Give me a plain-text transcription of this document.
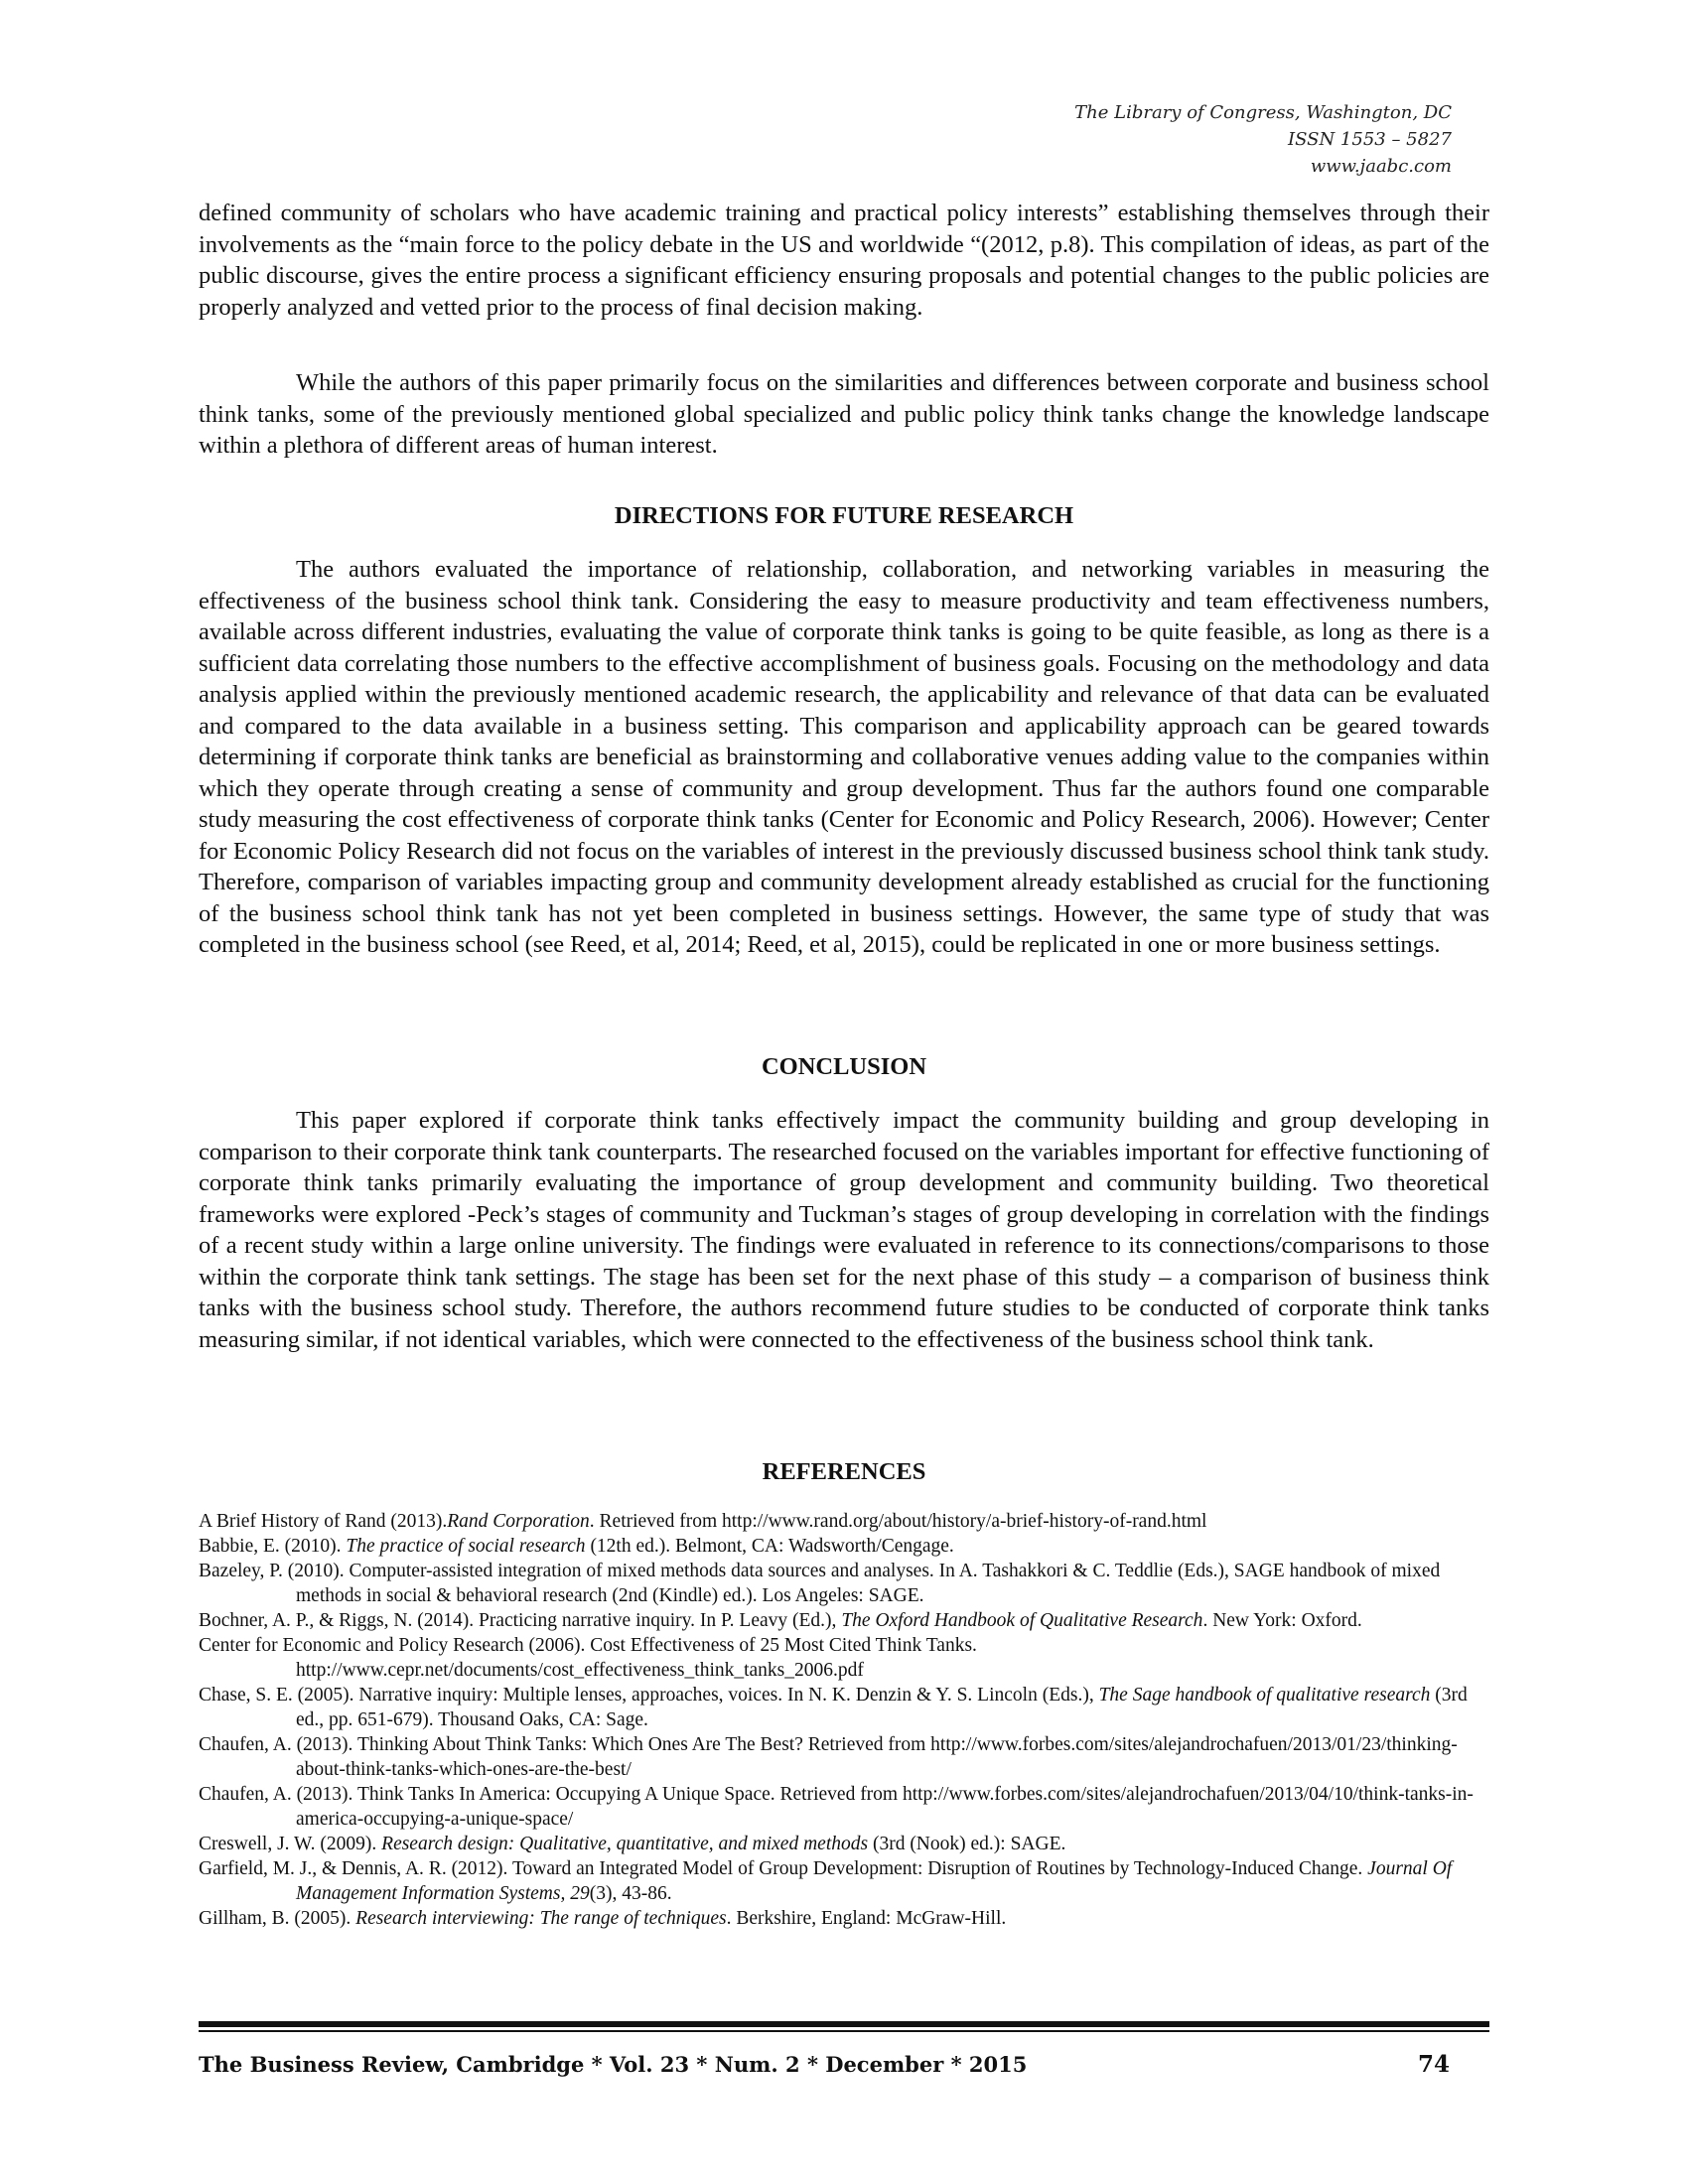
The Library of Congress, Washington, DC
ISSN 1553 – 5827
www.jaabc.com

defined community of scholars who have academic training and practical policy interests” establishing themselves through their involvements as the “main force to the policy debate in the US and worldwide “(2012, p.8). This compilation of ideas, as part of the public discourse, gives the entire process a significant efficiency ensuring proposals and potential changes to the public policies are properly analyzed and vetted prior to the process of final decision making.

While the authors of this paper primarily focus on the similarities and differences between corporate and business school think tanks, some of the previously mentioned global specialized and public policy think tanks change the knowledge landscape within a plethora of different areas of human interest.

DIRECTIONS FOR FUTURE RESEARCH

The authors evaluated the importance of relationship, collaboration, and networking variables in measuring the effectiveness of the business school think tank. Considering the easy to measure productivity and team effectiveness numbers, available across different industries, evaluating the value of corporate think tanks is going to be quite feasible, as long as there is a sufficient data correlating those numbers to the effective accomplishment of business goals. Focusing on the methodology and data analysis applied within the previously mentioned academic research, the applicability and relevance of that data can be evaluated and compared to the data available in a business setting. This comparison and applicability approach can be geared towards determining if corporate think tanks are beneficial as brainstorming and collaborative venues adding value to the companies within which they operate through creating a sense of community and group development. Thus far the authors found one comparable study measuring the cost effectiveness of corporate think tanks (Center for Economic and Policy Research, 2006). However; Center for Economic Policy Research did not focus on the variables of interest in the previously discussed business school think tank study. Therefore, comparison of variables impacting group and community development already established as crucial for the functioning of the business school think tank has not yet been completed in business settings. However, the same type of study that was completed in the business school (see Reed, et al, 2014; Reed, et al, 2015), could be replicated in one or more business settings.

CONCLUSION

This paper explored if corporate think tanks effectively impact the community building and group developing in comparison to their corporate think tank counterparts. The researched focused on the variables important for effective functioning of corporate think tanks primarily evaluating the importance of group development and community building. Two theoretical frameworks were explored -Peck’s stages of community and Tuckman’s stages of group developing in correlation with the findings of a recent study within a large online university. The findings were evaluated in reference to its connections/comparisons to those within the corporate think tank settings. The stage has been set for the next phase of this study – a comparison of business think tanks with the business school study. Therefore, the authors recommend future studies to be conducted of corporate think tanks measuring similar, if not identical variables, which were connected to the effectiveness of the business school think tank.

REFERENCES

A Brief History of Rand (2013).Rand Corporation. Retrieved from http://www.rand.org/about/history/a-brief-history-of-rand.html

Babbie, E. (2010). The practice of social research (12th ed.). Belmont, CA: Wadsworth/Cengage.

Bazeley, P. (2010). Computer-assisted integration of mixed methods data sources and analyses. In A. Tashakkori & C. Teddlie (Eds.), SAGE handbook of mixed methods in social & behavioral research (2nd (Kindle) ed.). Los Angeles: SAGE.

Bochner, A. P., & Riggs, N. (2014). Practicing narrative inquiry. In P. Leavy (Ed.), The Oxford Handbook of Qualitative Research. New York: Oxford.

Center for Economic and Policy Research (2006). Cost Effectiveness of 25 Most Cited Think Tanks. http://www.cepr.net/documents/cost_effectiveness_think_tanks_2006.pdf

Chase, S. E. (2005). Narrative inquiry: Multiple lenses, approaches, voices. In N. K. Denzin & Y. S. Lincoln (Eds.), The Sage handbook of qualitative research (3rd ed., pp. 651-679). Thousand Oaks, CA: Sage.

Chaufen, A. (2013). Thinking About Think Tanks: Which Ones Are The Best? Retrieved from http://www.forbes.com/sites/alejandrochafuen/2013/01/23/thinking-about-think-tanks-which-ones-are-the-best/

Chaufen, A. (2013). Think Tanks In America: Occupying A Unique Space. Retrieved from http://www.forbes.com/sites/alejandrochafuen/2013/04/10/think-tanks-in-america-occupying-a-unique-space/

Creswell, J. W. (2009). Research design: Qualitative, quantitative, and mixed methods (3rd (Nook) ed.): SAGE.

Garfield, M. J., & Dennis, A. R. (2012). Toward an Integrated Model of Group Development: Disruption of Routines by Technology-Induced Change. Journal Of Management Information Systems, 29(3), 43-86.

Gillham, B. (2005). Research interviewing: The range of techniques. Berkshire, England: McGraw-Hill.

The Business Review, Cambridge * Vol. 23 * Num. 2 * December * 2015	74
